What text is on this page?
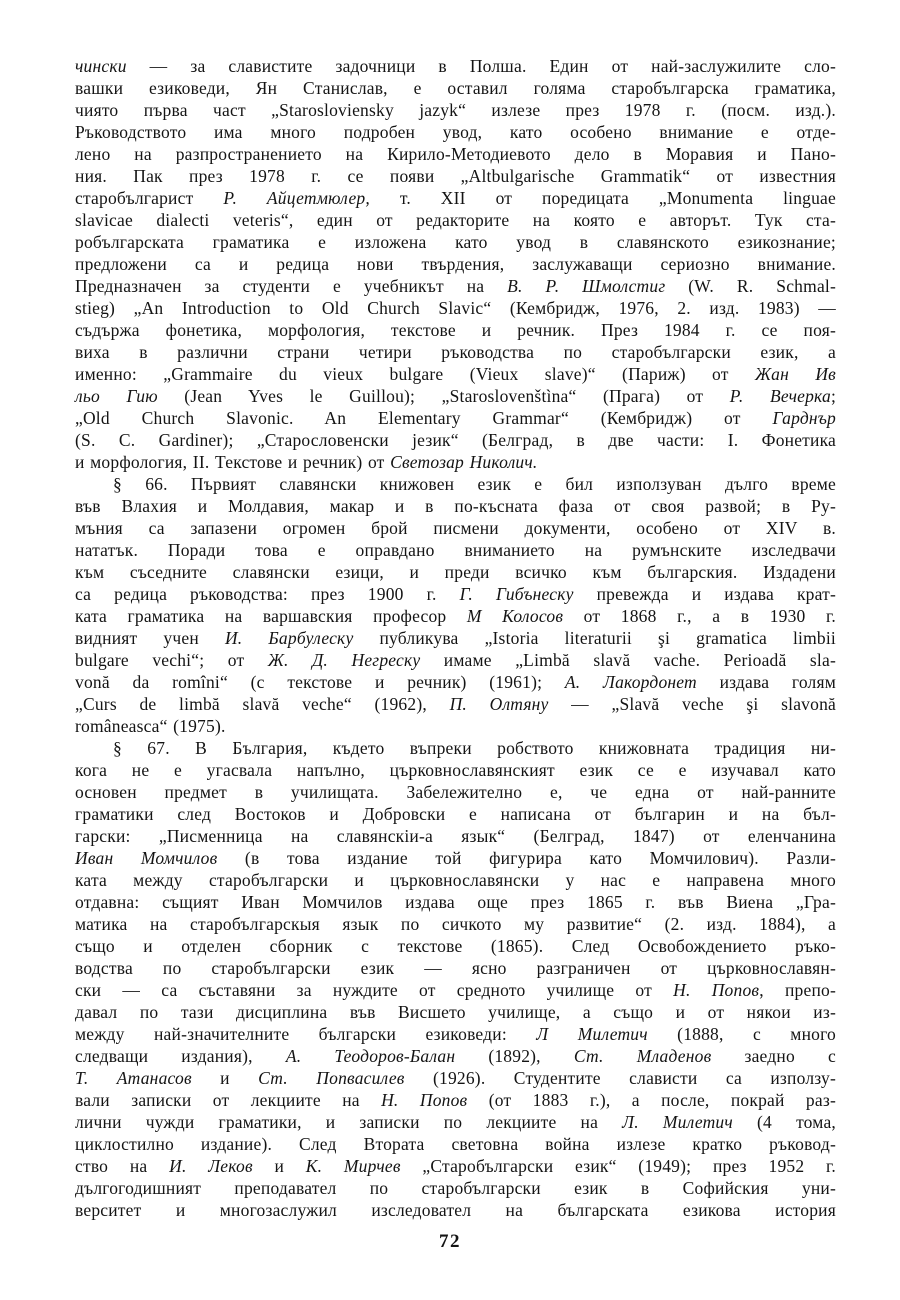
чински — за славистите задочници в Полша. Един от най-заслужилите сло-
вашки езиковеди, Ян Станислав, е оставил голяма старобългарска граматика,
чиято първа част „Starosloviensky jazyk“ излезе през 1978 г. (посм. изд.).
Ръководството има много подробен увод, като особено внимание е отде-
лено на разпространението на Кирило-Методиевото дело в Моравия и Пано-
ния. Пак през 1978 г. се появи „Altbulgarische Grammatik“ от известния
старобългарист Р. Айцетмюлер, т. XII от поредицата „Monumenta linguae
slavicae dialecti veteris“, един от редакторите на която е авторът. Тук ста-
робългарската граматика е изложена като увод в славянското езикознание;
предложени са и редица нови твърдения, заслужаващи сериозно внимание.
Предназначен за студенти е учебникът на В. Р. Шмолстиг (W. R. Schmal-
stieg) „An Introduction to Old Church Slavic“ (Кембридж, 1976, 2. изд. 1983) —
съдържа фонетика, морфология, текстове и речник. През 1984 г. се поя-
виха в различни страни четири ръководства по старобългарски език, а
именно: „Grammaire du vieux bulgare (Vieux slave)“ (Париж) от Жан Ив
льо Гию (Jean Yves le Guillou); „Staroslovenštìna“ (Прага) от Р. Вечерка;
„Old Church Slavonic. An Elementary Grammar“ (Кембридж) от Гарднър
(S. C. Gardiner); „Старословенски језик“ (Белград, в две части: I. Фонетика
и морфология, II. Текстове и речник) от Светозар Николич.
§ 66. Първият славянски книжовен език е бил използуван дълго време
във Влахия и Молдавия, макар и в по-късната фаза от своя развой; в Ру-
мъния са запазени огромен брой писмени документи, особено от XIV в.
нататък. Поради това е оправдано вниманието на румънските изследвачи
към съседните славянски езици, и преди всичко към българския. Издадени
са редица ръководства: през 1900 г. Г. Гибънеску превежда и издава крат-
ката граматика на варшавския професор М Колосов от 1868 г., а в 1930 г.
видният учен И. Барбулеску публикува „Istoria literaturii şi gramatica limbii
bulgare vechi“; от Ж. Д. Негреску имаме „Limbă slavă vache. Perioadă sla-
vonă da romîni“ (с текстове и речник) (1961); А. Лакордонет издава голям
„Curs de limbă slavă veche“ (1962), П. Олтяну — „Slavă veche şi slavonă
româneasca“ (1975).
§ 67. В България, където въпреки робството книжовната традиция ни-
кога не е угасвала напълно, църковнославянският език се е изучавал като
основен предмет в училищата. Забележително е, че една от най-ранните
граматики след Востоков и Добровски е написана от българин и на бъл-
гарски: „Писменница на славянскіи-а язык“ (Белград, 1847) от еленчанина
Иван Момчилов (в това издание той фигурира като Момчилович). Разли-
ката между старобългарски и църковнославянски у нас е направена много
отдавна: същият Иван Момчилов издава още през 1865 г. във Виена „Гра-
матика на старобългарскыя язык по сичкото му развитие“ (2. изд. 1884), а
също и отделен сборник с текстове (1865). След Освобождението ръко-
водства по старобългарски език — ясно разграничен от църковнославян-
ски — са съставяни за нуждите от средното училище от Н. Попов, препо-
давал по тази дисциплина във Висшето училище, а също и от някои из-
между най-значителните български езиковеди: Л Милетич (1888, с много
следващи издания), А. Теодоров-Балан (1892), Ст. Младенов заедно с
Т. Атанасов и Ст. Попвасилев (1926). Студентите слависти са използу-
вали записки от лекциите на Н. Попов (от 1883 г.), а после, покрай раз-
лични чужди граматики, и записки по лекциите на Л. Милетич (4 тома,
циклостилно издание). След Втората световна война излезе кратко ръковод-
ство на И. Леков и К. Мирчев „Старобългарски език“ (1949); през 1952 г.
дългогодишният преподавател по старобългарски език в Софийския уни-
верситет и многозаслужил изследовател на българската езикова история
72
